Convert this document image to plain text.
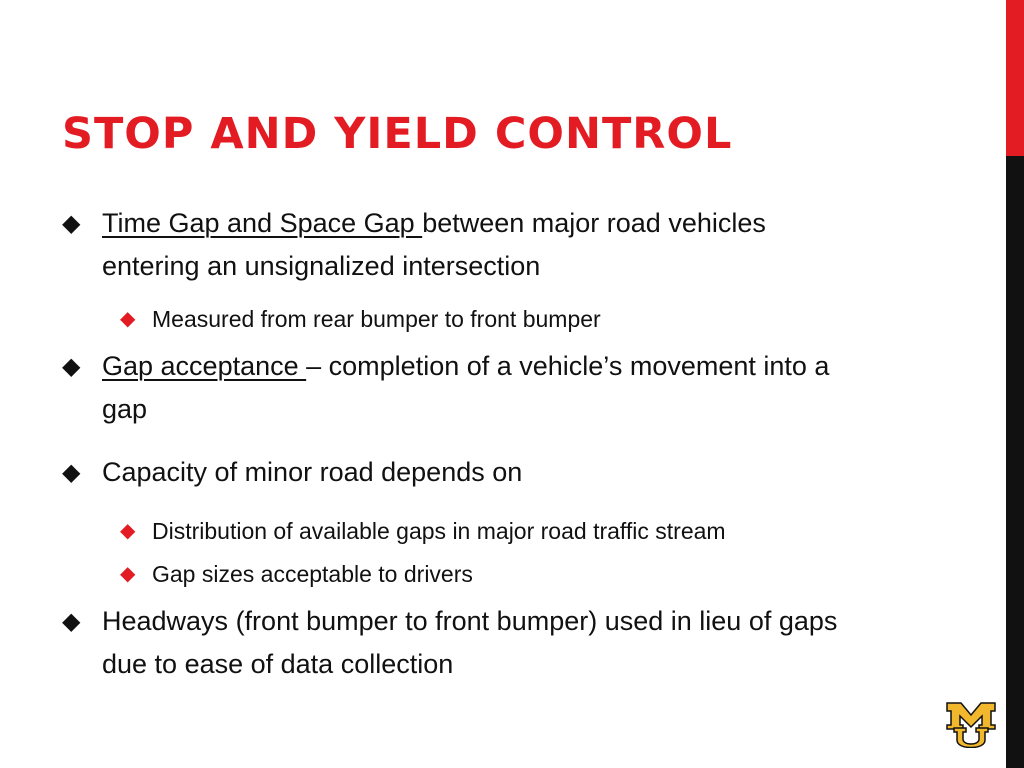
STOP AND YIELD CONTROL
◆ Time Gap and Space Gap between major road vehicles entering an unsignalized intersection
◆ Measured from rear bumper to front bumper
◆ Gap acceptance – completion of a vehicle’s movement into a gap
◆ Capacity of minor road depends on
◆ Distribution of available gaps in major road traffic stream
◆ Gap sizes acceptable to drivers
◆ Headways (front bumper to front bumper) used in lieu of gaps due to ease of data collection
